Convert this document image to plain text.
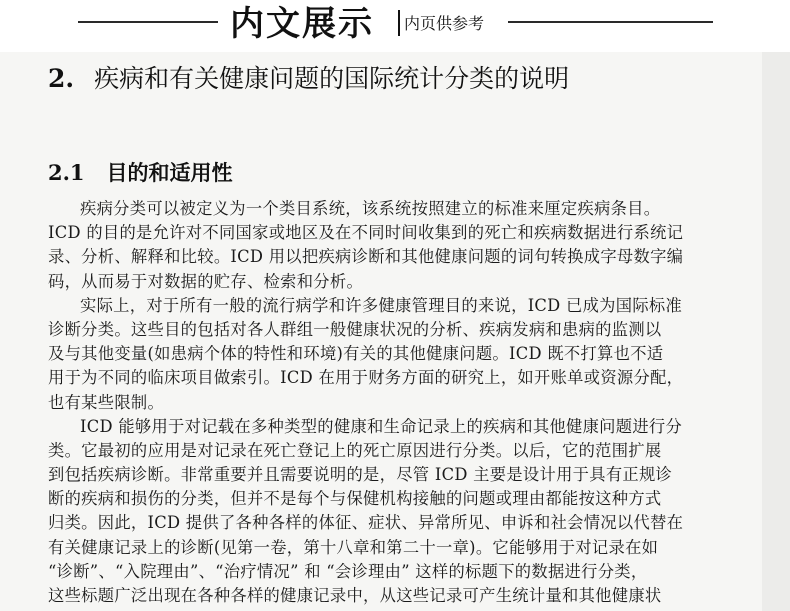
内文展示 内页供参考
2. 疾病和有关健康问题的国际统计分类的说明
2.1 目的和适用性
疾病分类可以被定义为一个类目系统，该系统按照建立的标准来厘定疾病条目。
ICD 的目的是允许对不同国家或地区及在不同时间收集到的死亡和疾病数据进行系统记
录、分析、解释和比较。ICD 用以把疾病诊断和其他健康问题的词句转换成字母数字编
码，从而易于对数据的贮存、检索和分析。
实际上，对于所有一般的流行病学和许多健康管理目的来说，ICD 已成为国际标准
诊断分类。这些目的包括对各人群组一般健康状况的分析、疾病发病和患病的监测以
及与其他变量(如患病个体的特性和环境)有关的其他健康问题。ICD 既不打算也不适
用于为不同的临床项目做索引。ICD 在用于财务方面的研究上，如开账单或资源分配，
也有某些限制。
ICD 能够用于对记载在多种类型的健康和生命记录上的疾病和其他健康问题进行分
类。它最初的应用是对记录在死亡登记上的死亡原因进行分类。以后，它的范围扩展
到包括疾病诊断。非常重要并且需要说明的是，尽管 ICD 主要是设计用于具有正规诊
断的疾病和损伤的分类，但并不是每个与保健机构接触的问题或理由都能按这种方式
归类。因此，ICD 提供了各种各样的体征、症状、异常所见、申诉和社会情况以代替在
有关健康记录上的诊断(见第一卷，第十八章和第二十一章)。它能够用于对记录在如
“诊断”、“入院理由”、“治疗情况” 和 “会诊理由” 这样的标题下的数据进行分类，
这些标题广泛出现在各种各样的健康记录中，从这些记录可产生统计量和其他健康状
